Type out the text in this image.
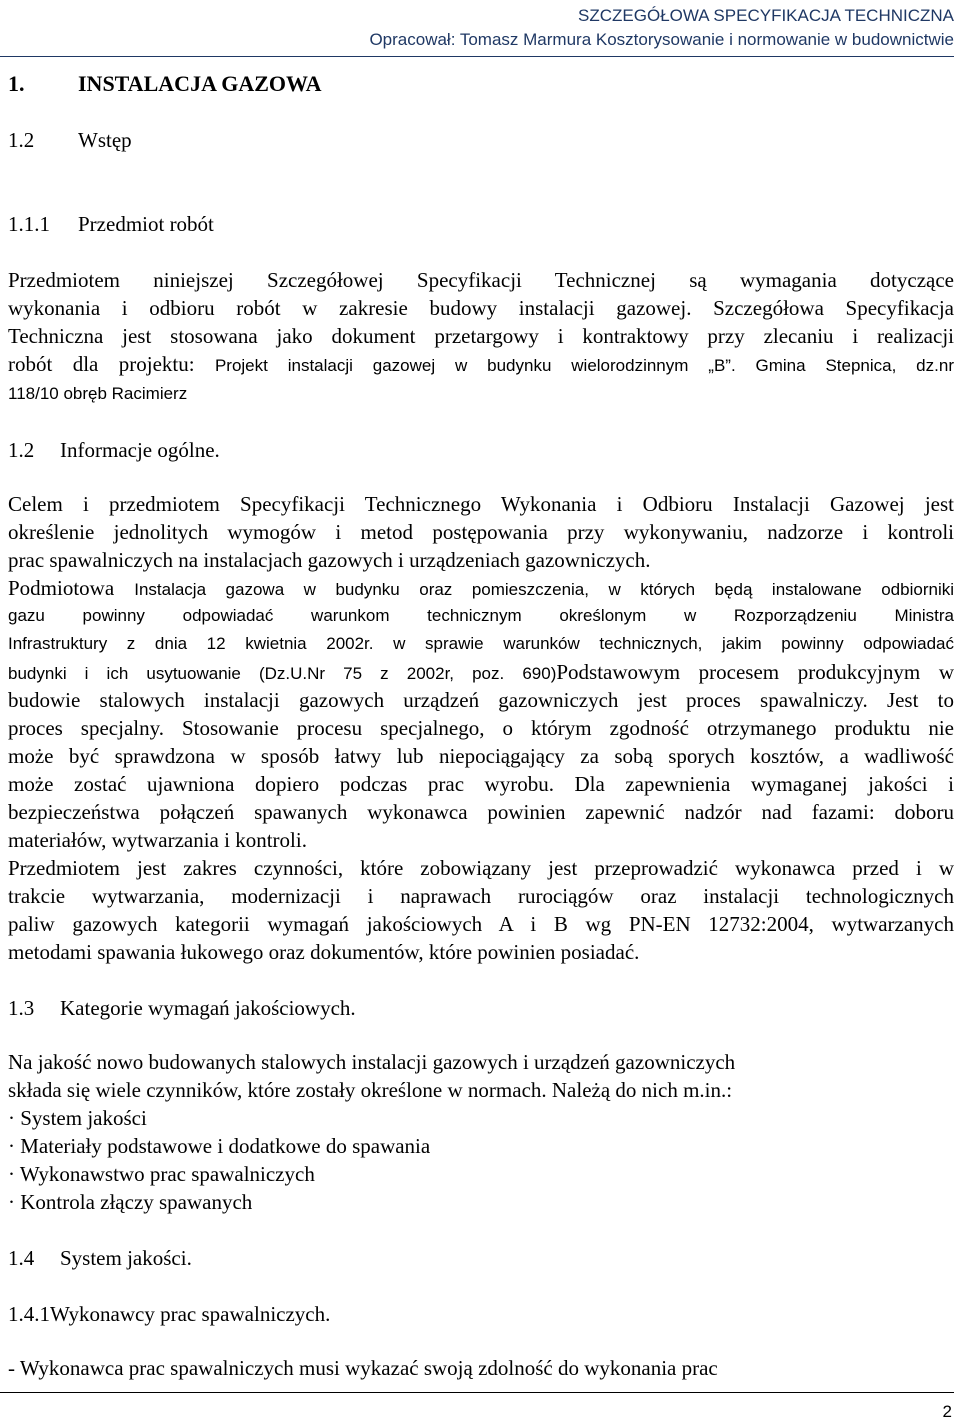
SZCZEGÓŁOWA SPECYFIKACJA TECHNICZNA
Opracował: Tomasz Marmura Kosztorysowanie i normowanie w budownictwie
1. INSTALACJA GAZOWA
1.2 Wstęp
1.1.1 Przedmiot robót
Przedmiotem niniejszej Szczegółowej Specyfikacji Technicznej są wymagania dotyczące
wykonania i odbioru robót w zakresie budowy instalacji gazowej. Szczegółowa Specyfikacja
Techniczna jest stosowana jako dokument przetargowy i kontraktowy przy zlecaniu i realizacji
robót dla projektu: Projekt instalacji gazowej w budynku wielorodzinnym „B”. Gmina Stepnica, dz.nr
118/10 obręb Racimierz
1.2 Informacje ogólne.
Celem i przedmiotem Specyfikacji Technicznego Wykonania i Odbioru Instalacji Gazowej jest
określenie jednolitych wymogów i metod postępowania przy wykonywaniu, nadzorze i kontroli
prac spawalniczych na instalacjach gazowych i urządzeniach gazowniczych.
Podmiotowa Instalacja gazowa w budynku oraz pomieszczenia, w których będą instalowane odbiorniki
gazu powinny odpowiadać warunkom technicznym określonym w Rozporządzeniu Ministra
Infrastruktury z dnia 12 kwietnia 2002r. w sprawie warunków technicznych, jakim powinny odpowiadać
budynki i ich usytuowanie (Dz.U.Nr 75 z 2002r, poz. 690)Podstawowym procesem produkcyjnym w
budowie stalowych instalacji gazowych urządzeń gazowniczych jest proces spawalniczy. Jest to
proces specjalny. Stosowanie procesu specjalnego, o którym zgodność otrzymanego produktu nie
może być sprawdzona w sposób łatwy lub niepociągający za sobą sporych kosztów, a wadliwość
może zostać ujawniona dopiero podczas prac wyrobu. Dla zapewnienia wymaganej jakości i
bezpieczeństwa połączeń spawanych wykonawca powinien zapewnić nadzór nad fazami: doboru
materiałów, wytwarzania i kontroli.
Przedmiotem jest zakres czynności, które zobowiązany jest przeprowadzić wykonawca przed i w
trakcie wytwarzania, modernizacji i naprawach rurociągów oraz instalacji technologicznych
paliw gazowych kategorii wymagań jakościowych A i B wg PN-EN 12732:2004, wytwarzanych
metodami spawania łukowego oraz dokumentów, które powinien posiadać.
1.3 Kategorie wymagań jakościowych.
Na jakość nowo budowanych stalowych instalacji gazowych i urządzeń gazowniczych
składa się wiele czynników, które zostały określone w normach. Należą do nich m.in.:
· System jakości
· Materiały podstawowe i dodatkowe do spawania
· Wykonawstwo prac spawalniczych
· Kontrola złączy spawanych
1.4 System jakości.
1.4.1Wykonawcy prac spawalniczych.
- Wykonawca prac spawalniczych musi wykazać swoją zdolność do wykonania prac
2
